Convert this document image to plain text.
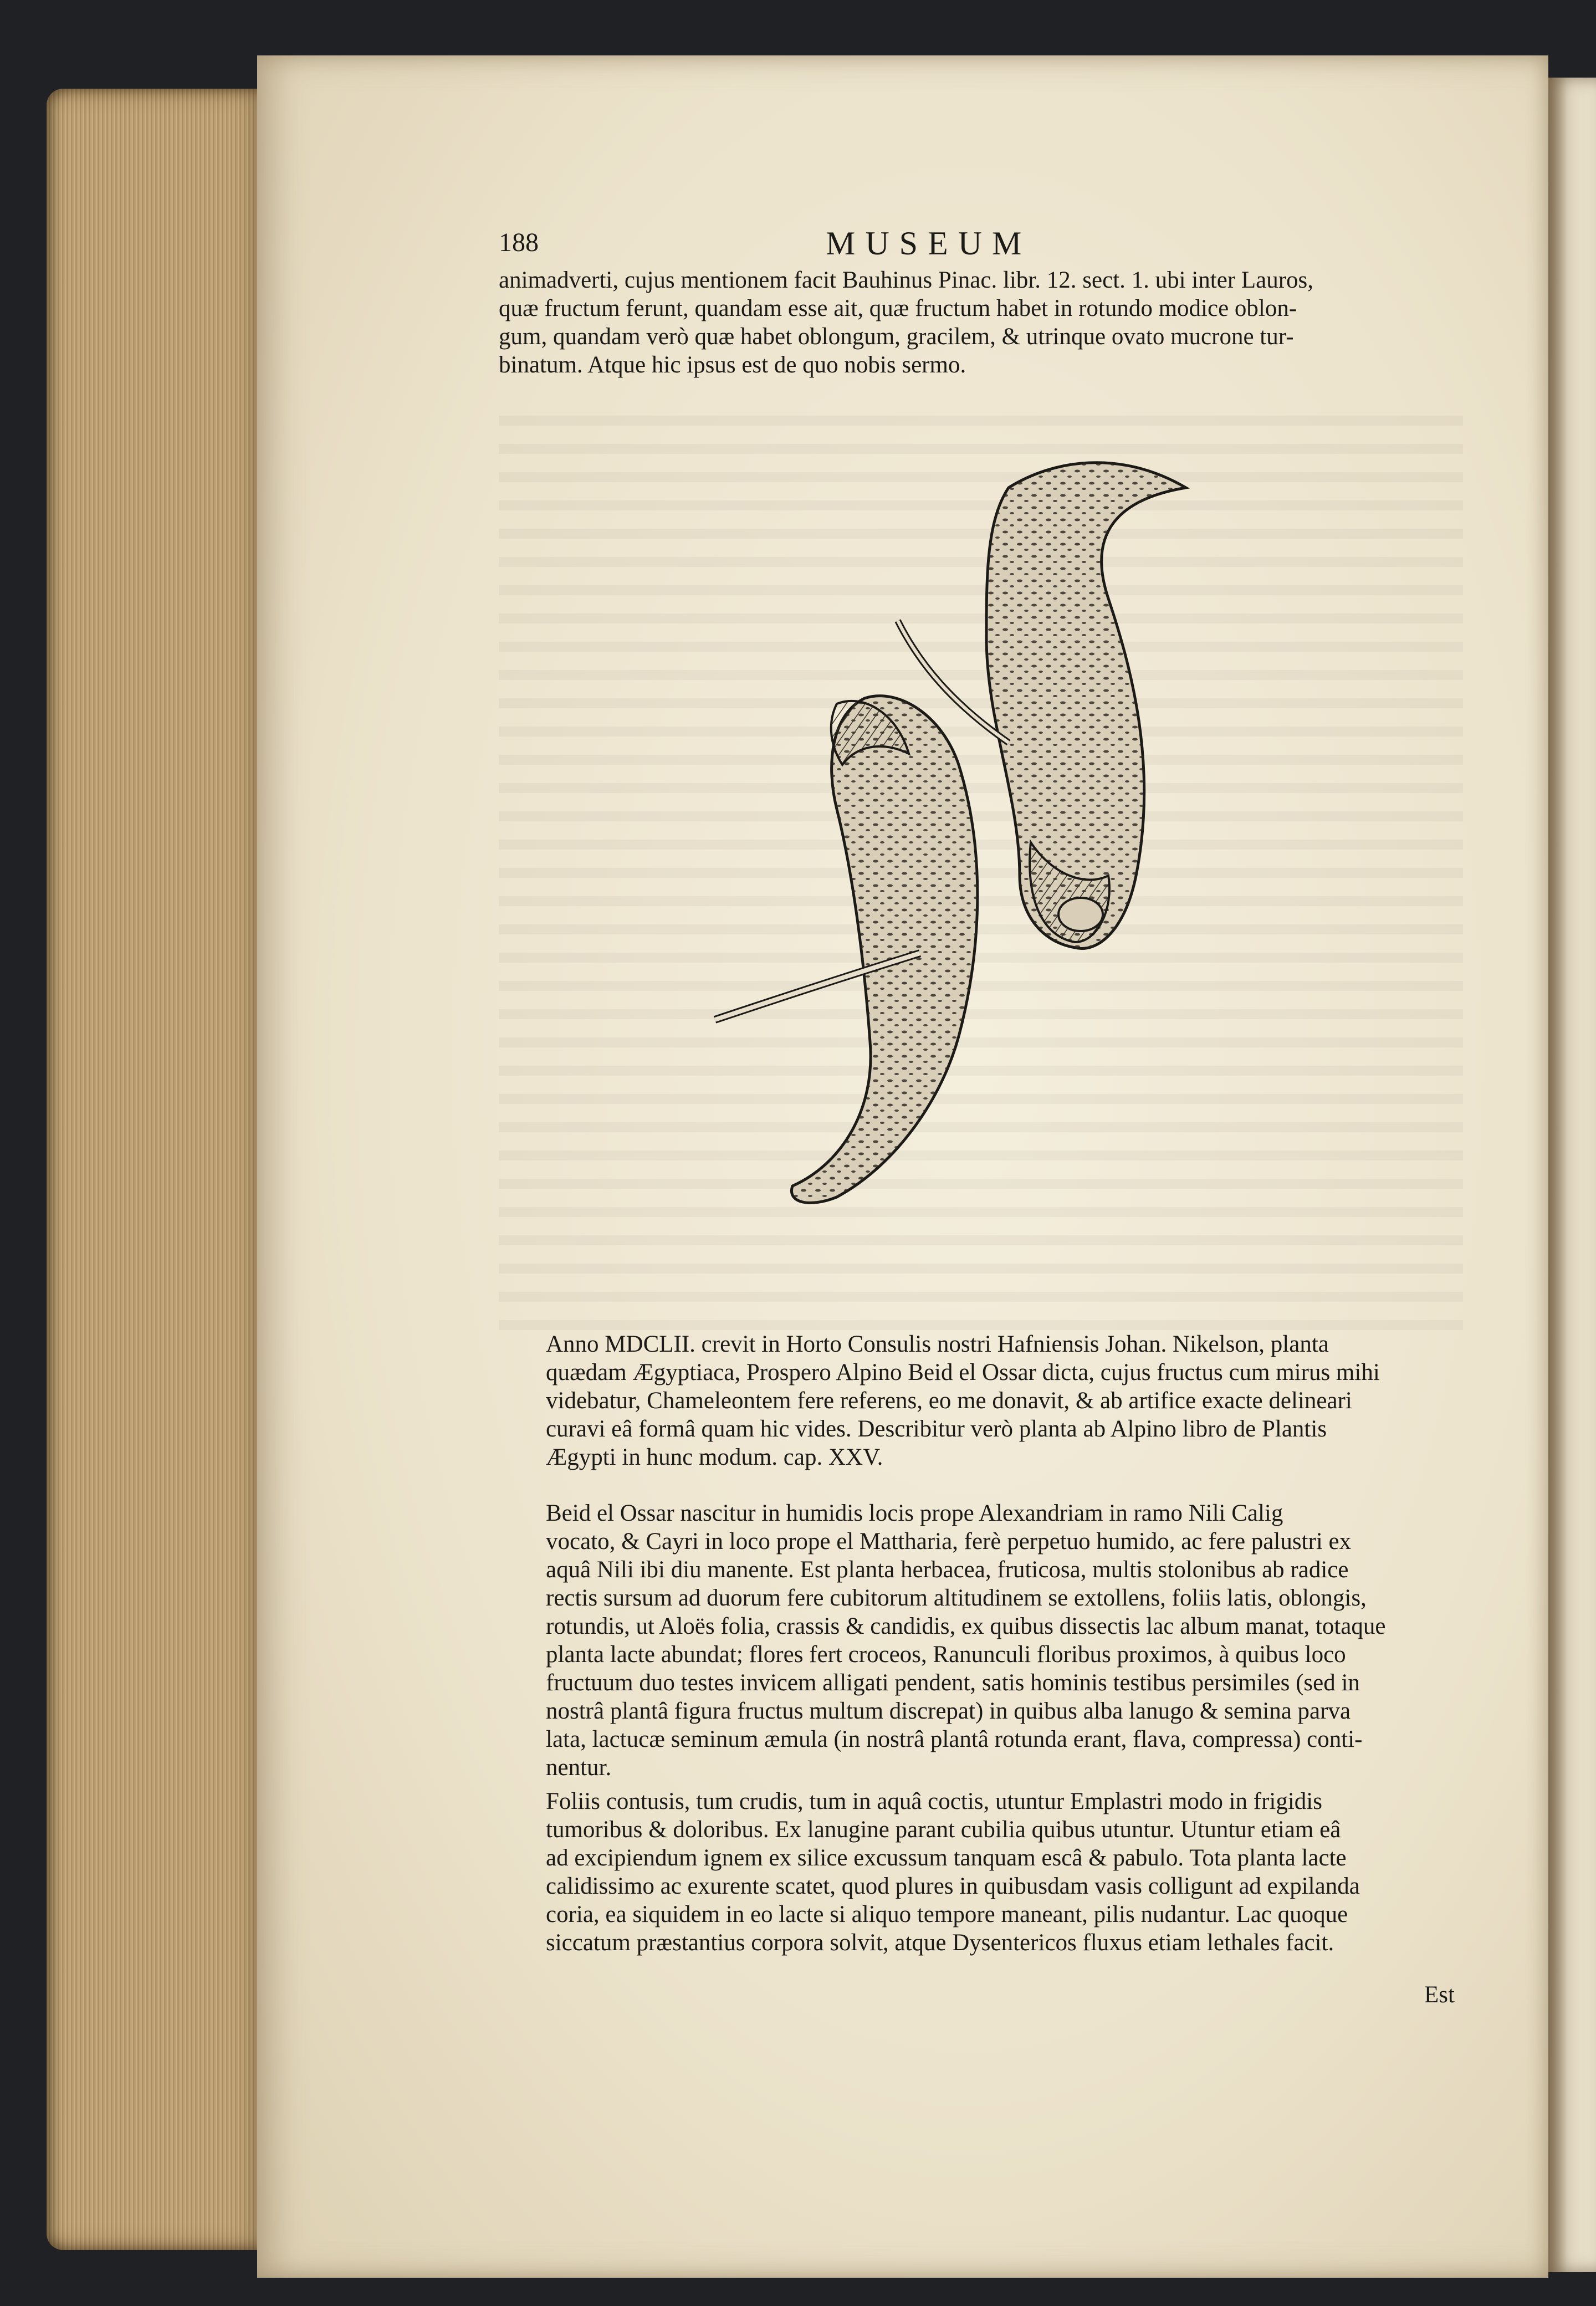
188	MUSEUM
animadverti, cujus mentionem facit Bauhinus Pinac. libr. 12. sect. 1. ubi inter Lauros,
quæ fructum ferunt, quandam esse ait, quæ fructum habet in rotundo modice oblon-
gum, quandam verò quæ habet oblongum, gracilem, & utrinque ovato mucrone tur-
binatum. Atque hic ipsus est de quo nobis sermo.
Anno MDCLII. crevit in Horto Consulis nostri Hafniensis Johan. Nikelson, planta
quædam Ægyptiaca, Prospero Alpino Beid el Ossar dicta, cujus fructus cum mirus mihi
videbatur, Chameleontem fere referens, eo me donavit, & ab artifice exacte delineari
curavi eâ formâ quam hic vides. Describitur verò planta ab Alpino libro de Plantis
Ægypti in hunc modum. cap. XXV.
Beid el Ossar nascitur in humidis locis prope Alexandriam in ramo Nili Calig
vocato, & Cayri in loco prope el Mattharia, ferè perpetuo humido, ac fere palustri ex
aquâ Nili ibi diu manente. Est planta herbacea, fruticosa, multis stolonibus ab radice
rectis sursum ad duorum fere cubitorum altitudinem se extollens, foliis latis, oblongis,
rotundis, ut Aloës folia, crassis & candidis, ex quibus dissectis lac album manat, totaque
planta lacte abundat; flores fert croceos, Ranunculi floribus proximos, à quibus loco
fructuum duo testes invicem alligati pendent, satis hominis testibus persimiles (sed in
nostrâ plantâ figura fructus multum discrepat) in quibus alba lanugo & semina parva
lata, lactucæ seminum æmula (in nostrâ plantâ rotunda erant, flava, compressa) conti-
nentur.
Foliis contusis, tum crudis, tum in aquâ coctis, utuntur Emplastri modo in frigidis
tumoribus & doloribus. Ex lanugine parant cubilia quibus utuntur. Utuntur etiam eâ
ad excipiendum ignem ex silice excussum tanquam escâ & pabulo. Tota planta lacte
calidissimo ac exurente scatet, quod plures in quibusdam vasis colligunt ad expilanda
coria, ea siquidem in eo lacte si aliquo tempore maneant, pilis nudantur. Lac quoque
siccatum præstantius corpora solvit, atque Dysentericos fluxus etiam lethales facit.
Est
